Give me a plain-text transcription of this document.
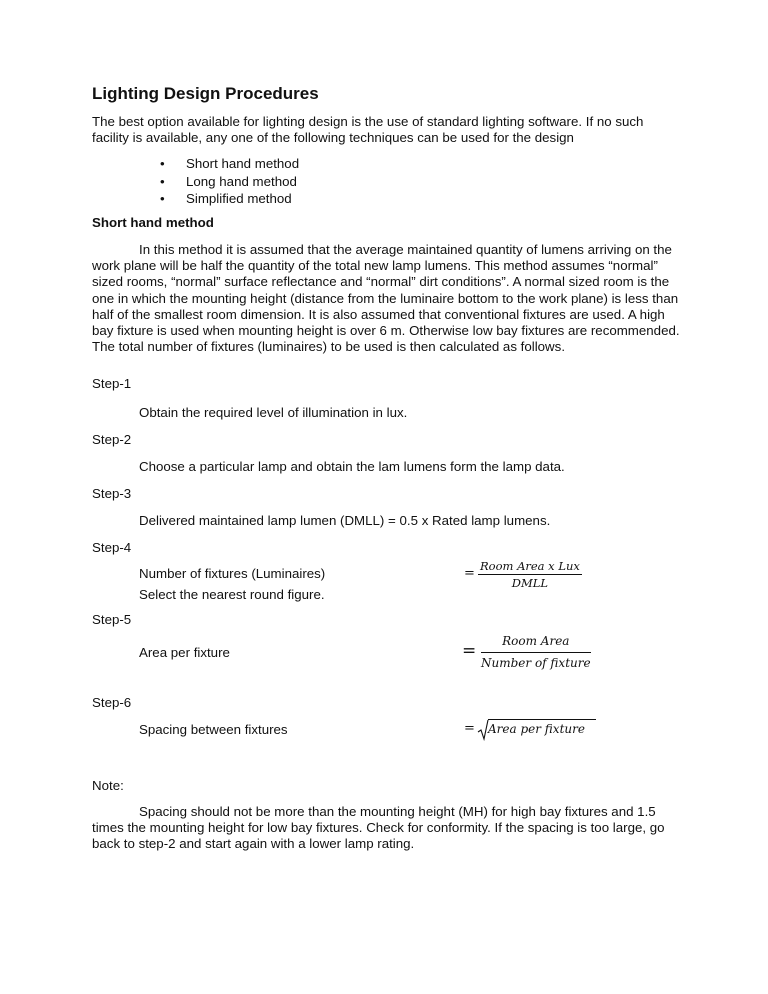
Lighting Design Procedures

The best option available for lighting design is the use of standard lighting software. If no such facility is available, any one of the following techniques can be used for the design

• Short hand method
• Long hand method
• Simplified method
Short hand method

In this method it is assumed that the average maintained quantity of lumens arriving on the work plane will be half the quantity of the total new lamp lumens. This method assumes “normal” sized rooms, “normal” surface reflectance and “normal” dirt conditions”. A normal sized room is the one in which the mounting height (distance from the luminaire bottom to the work plane) is less than half of the smallest room dimension. It is also assumed that conventional fixtures are used. A high bay fixture is used when mounting height is over 6 m. Otherwise low bay fixtures are recommended. The total number of fixtures (luminaires) to be used is then calculated as follows.

Step-1
Obtain the required level of illumination in lux.
Step-2
Choose a particular lamp and obtain the lam lumens form the lamp data.
Step-3
Delivered maintained lamp lumen (DMLL) = 0.5 x Rated lamp lumens.
Step-4
Number of fixtures (Luminaires)
Select the nearest round figure.
= Room Area x Lux
DMLL
Step-5
Area per fixture	=	Room Area
Number of fixture
Step-6
Spacing between fixtures	= Area per fixture
Note:

Spacing should not be more than the mounting height (MH) for high bay fixtures and 1.5 times the mounting height for low bay fixtures. Check for conformity. If the spacing is too large, go back to step-2 and start again with a lower lamp rating.
